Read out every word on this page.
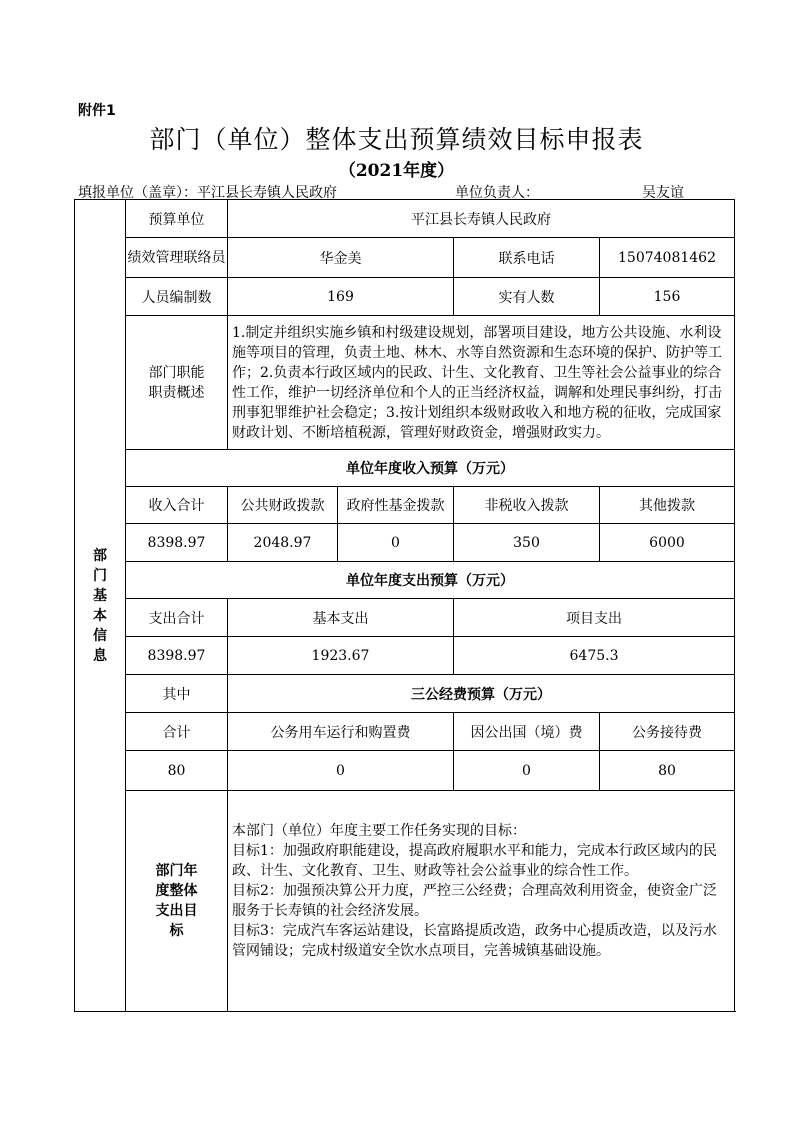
附件1
部门（单位）整体支出预算绩效目标申报表
（2021年度）
填报单位（盖章）：平江县长寿镇人民政府	单位负责人：	吴友谊
部门基本信息	预算单位	平江县长寿镇人民政府			
	绩效管理联络员	华金美		联系电话	15074081462
	人员编制数	169		实有人数	156
	部门职能职责概述	1.制定并组织实施乡镇和村级建设规划，部署项目建设，地方公共设施、水利设施等项目的管理，负责土地、林木、水等自然资源和生态环境的保护、防护等工作；2.负责本行政区域内的民政、计生、文化教育、卫生等社会公益事业的综合性工作，维护一切经济单位和个人的正当经济权益，调解和处理民事纠纷，打击刑事犯罪维护社会稳定；3.按计划组织本级财政收入和地方税的征收，完成国家财政计划、不断培植税源，管理好财政资金，增强财政实力。			
	单位年度收入预算（万元）				
	收入合计	公共财政拨款	政府性基金拨款	非税收入拨款	其他拨款
	8398.97	2048.97	0	350	6000
	单位年度支出预算（万元）				
	支出合计	基本支出		项目支出	
	8398.97	1923.67		6475.3	
	其中	三公经费预算（万元）			
	合计	公务用车运行和购置费		因公出国（境）费	公务接待费
	80	0		0	80
	部门年度整体支出目标	本部门（单位）年度主要工作任务实现的目标：
目标1：加强政府职能建设，提高政府履职水平和能力，完成本行政区域内的民政、计生、文化教育、卫生、财政等社会公益事业的综合性工作。
目标2：加强预决算公开力度，严控三公经费；合理高效利用资金，使资金广泛服务于长寿镇的社会经济发展。
目标3：完成汽车客运站建设，长富路提质改造，政务中心提质改造，以及污水管网铺设；完成村级道安全饮水点项目，完善城镇基础设施。			
